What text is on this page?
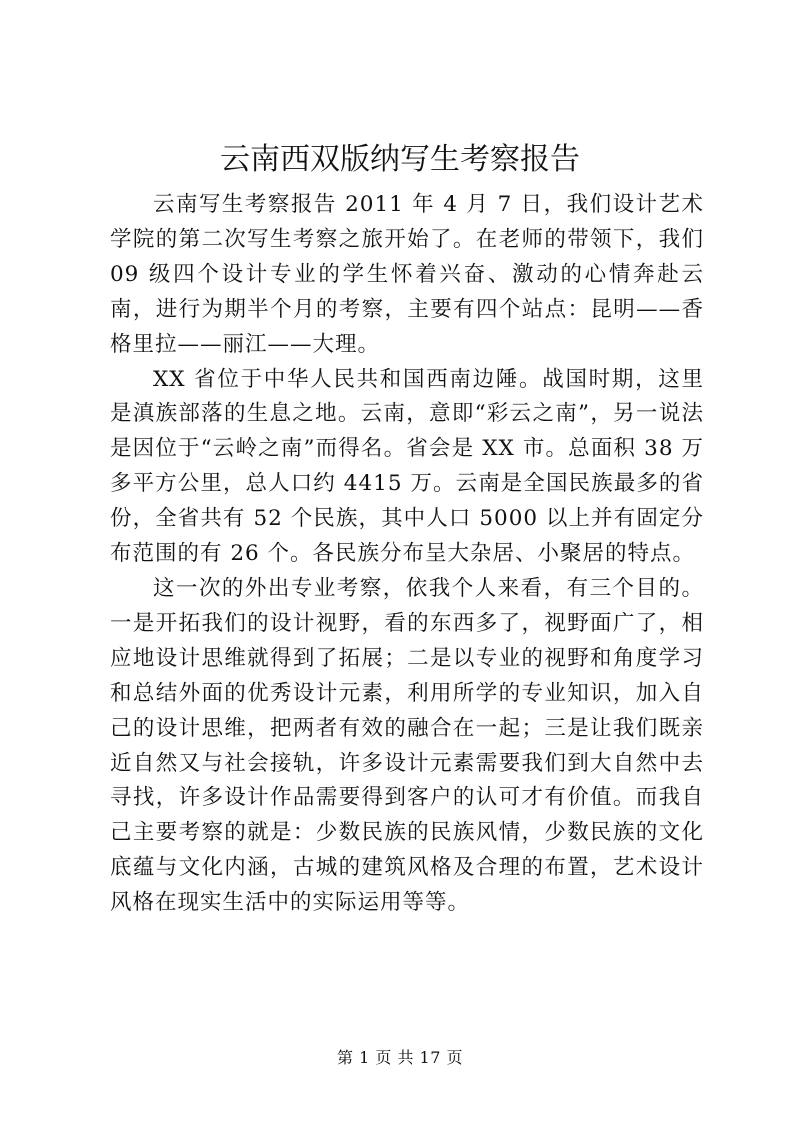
云南西双版纳写生考察报告

云南写生考察报告 2011 年 4 月 7 日，我们设计艺术学院的第二次写生考察之旅开始了。在老师的带领下，我们 09 级四个设计专业的学生怀着兴奋、激动的心情奔赴云南，进行为期半个月的考察，主要有四个站点：昆明——香格里拉——丽江——大理。

XX 省位于中华人民共和国西南边陲。战国时期，这里是滇族部落的生息之地。云南，意即“彩云之南”，另一说法是因位于“云岭之南”而得名。省会是 XX 市。总面积 38 万多平方公里，总人口约 4415 万。云南是全国民族最多的省份，全省共有 52 个民族，其中人口 5000 以上并有固定分布范围的有 26 个。各民族分布呈大杂居、小聚居的特点。

这一次的外出专业考察，依我个人来看，有三个目的。一是开拓我们的设计视野，看的东西多了，视野面广了，相应地设计思维就得到了拓展；二是以专业的视野和角度学习和总结外面的优秀设计元素，利用所学的专业知识，加入自己的设计思维，把两者有效的融合在一起；三是让我们既亲近自然又与社会接轨，许多设计元素需要我们到大自然中去寻找，许多设计作品需要得到客户的认可才有价值。而我自己主要考察的就是：少数民族的民族风情，少数民族的文化底蕴与文化内涵，古城的建筑风格及合理的布置，艺术设计风格在现实生活中的实际运用等等。

第 1 页 共 17 页
